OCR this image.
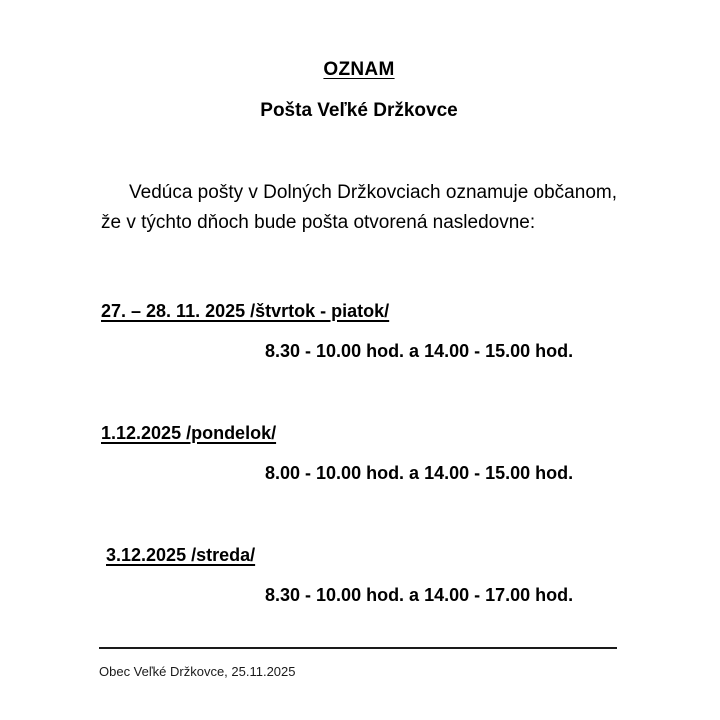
OZNAM
Pošta Veľké Držkovce
Vedúca pošty v Dolných Držkovciach oznamuje občanom, že v týchto dňoch bude pošta otvorená nasledovne:
27. – 28. 11. 2025 /štvrtok - piatok/
8.30 - 10.00 hod. a 14.00 - 15.00 hod.
1.12.2025 /pondelok/
8.00 - 10.00 hod. a 14.00 - 15.00 hod.
3.12.2025 /streda/
8.30 - 10.00 hod. a 14.00 - 17.00 hod.
Obec Veľké Držkovce, 25.11.2025
